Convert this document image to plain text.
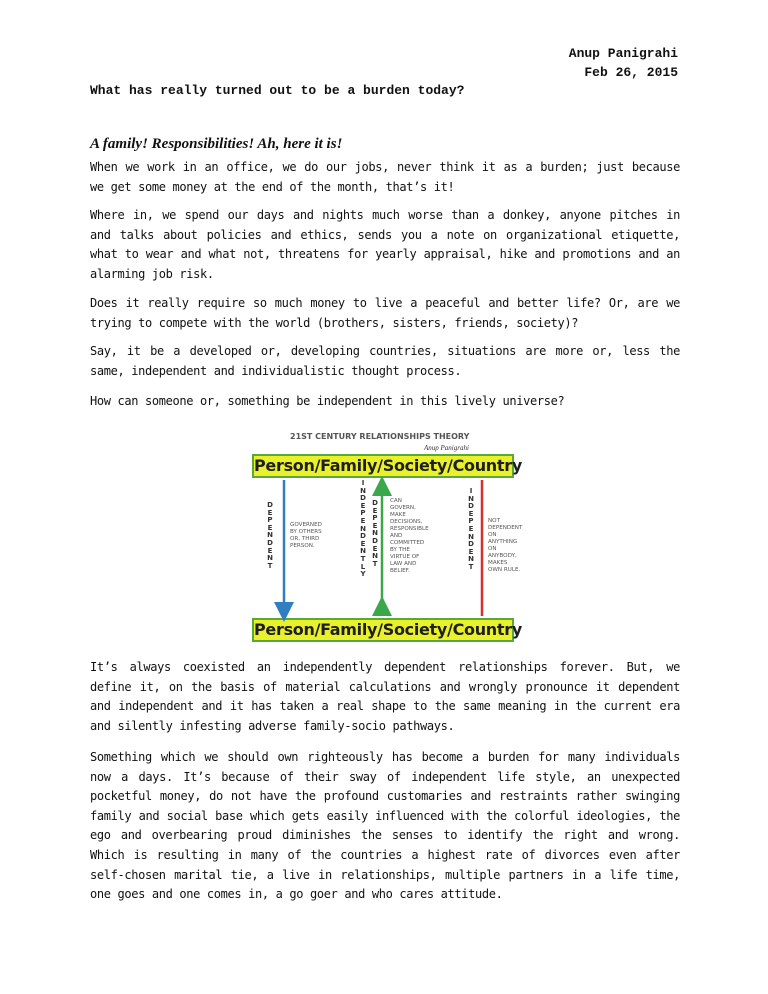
Anup Panigrahi
Feb 26, 2015
What has really turned out to be a burden today?
A family! Responsibilities! Ah, here it is!

When we work in an office, we do our jobs, never think it as a burden; just because we get some money at the end of the month, that’s it!

Where in, we spend our days and nights much worse than a donkey, anyone pitches in and talks about policies and ethics, sends you a note on organizational etiquette, what to wear and what not, threatens for yearly appraisal, hike and promotions and an alarming job risk.

Does it really require so much money to live a peaceful and better life? Or, are we trying to compete with the world (brothers, sisters, friends, society)?

Say, it be a developed or, developing countries, situations are more or, less the same, independent and individualistic thought process.

How can someone or, something be independent in this lively universe?

21ST CENTURY RELATIONSHIPS THEORY
Anup Panigrahi
Person/Family/Society/Country
Person/Family/Society/Country
D
E
P
E
N
D
E
N
T
I
N
D
E
P
E
N
D
E
N
T
L
Y
D
E
P
E
N
D
E
N
T
I
N
D
E
P
E
N
D
E
N
T
GOVERNED
BY OTHERS
OR, THIRD
PERSON.
CAN
GOVERN,
MAKE
DECISIONS,
RESPONSIBLE
AND
COMMITTED
BY THE
VIRTUE OF
LAW AND
BELIEF.
NOT
DEPENDENT
ON
ANYTHING
ON
ANYBODY,
MAKES
OWN RULE.

It’s always coexisted an independently dependent relationships forever. But, we define it, on the basis of material calculations and wrongly pronounce it dependent and independent and it has taken a real shape to the same meaning in the current era and silently infesting adverse family-socio pathways.

Something which we should own righteously has become a burden for many individuals now a days. It’s because of their sway of independent life style, an unexpected pocketful money, do not have the profound customaries and restraints rather swinging family and social base which gets easily influenced with the colorful ideologies, the ego and overbearing proud diminishes the senses to identify the right and wrong. Which is resulting in many of the countries a highest rate of divorces even after self-chosen marital tie, a live in relationships, multiple partners in a life time, one goes and one comes in, a go goer and who cares attitude.
